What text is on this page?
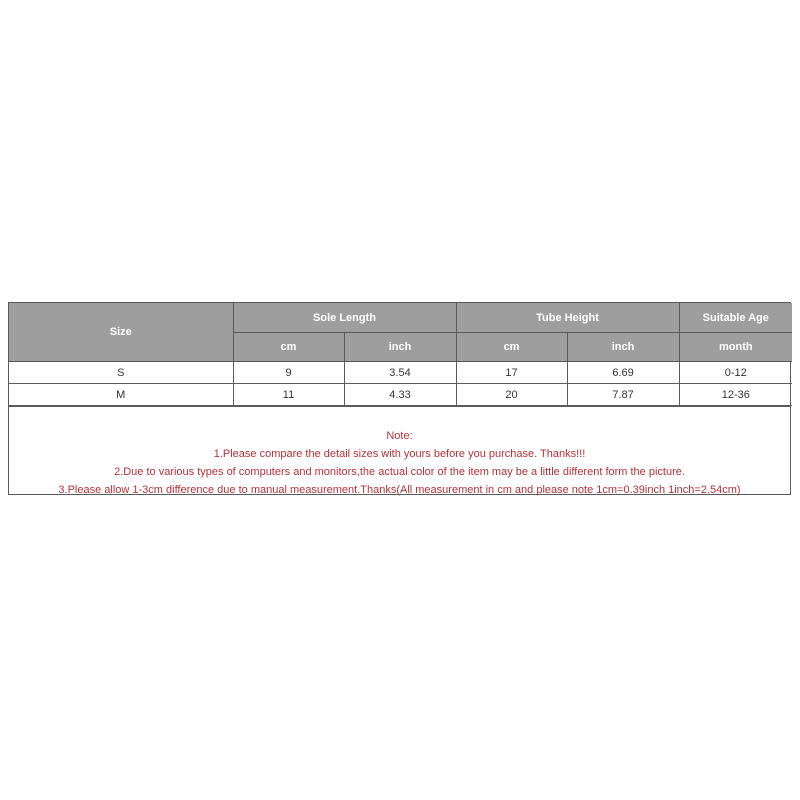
Size	Sole Length		Tube Height		Suitable Age
	cm	inch	cm	inch	month
S	9	3.54	17	6.69	0-12
M	11	4.33	20	7.87	12-36
Note:
1.Please compare the detail sizes with yours before you purchase. Thanks!!!
2.Due to various types of computers and monitors,the actual color of the item may be a little different form the picture.
3.Please allow 1-3cm difference due to manual measurement.Thanks(All measurement in cm and please note 1cm=0.39inch 1inch=2.54cm)
